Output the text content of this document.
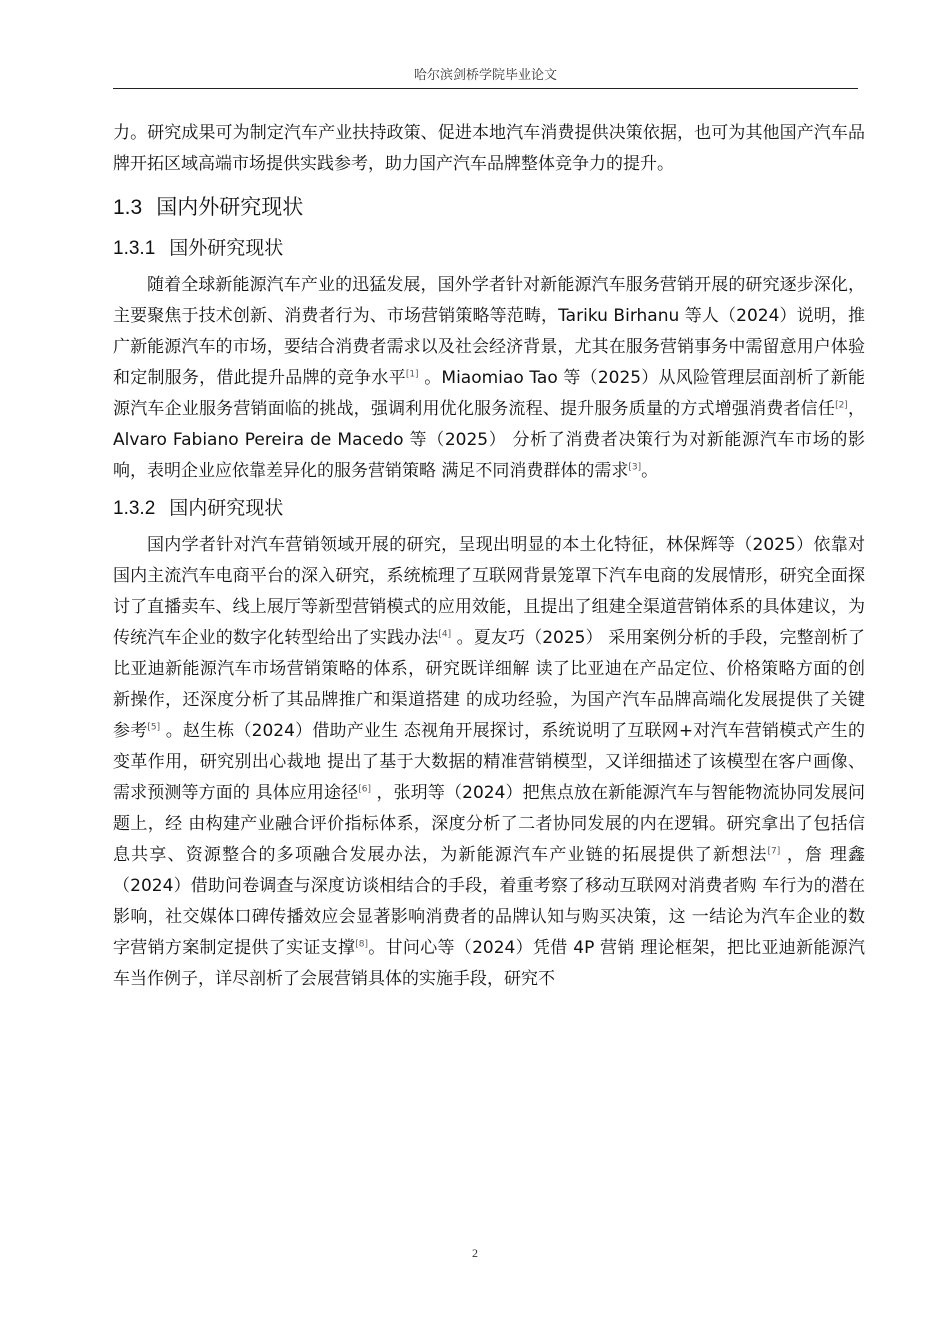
哈尔滨剑桥学院毕业论文

力。研究成果可为制定汽车产业扶持政策、促进本地汽车消费提供决策依据，也可为其他国产汽车品牌开拓区域高端市场提供实践参考，助力国产汽车品牌整体竞争力的提升。

1.3 国内外研究现状
1.3.1 国外研究现状

随着全球新能源汽车产业的迅猛发展，国外学者针对新能源汽车服务营销开展的研究逐步深化，主要聚焦于技术创新、消费者行为、市场营销策略等范畴，Tariku Birhanu 等人（2024）说明，推广新能源汽车的市场，要结合消费者需求以及社会经济背景，尤其在服务营销事务中需留意用户体验和定制服务，借此提升品牌的竞争水平[1] 。Miaomiao Tao 等（2025）从风险管理层面剖析了新能源汽车企业服务营销面临的挑战，强调利用优化服务流程、提升服务质量的方式增强消费者信任[2]，Alvaro Fabiano Pereira de Macedo 等（2025） 分析了消费者决策行为对新能源汽车市场的影响，表明企业应依靠差异化的服务营销策略 满足不同消费群体的需求[3]。

1.3.2 国内研究现状

国内学者针对汽车营销领域开展的研究，呈现出明显的本土化特征，林保辉等（2025）依靠对国内主流汽车电商平台的深入研究，系统梳理了互联网背景笼罩下汽车电商的发展情形，研究全面探讨了直播卖车、线上展厅等新型营销模式的应用效能，且提出了组建全渠道营销体系的具体建议，为传统汽车企业的数字化转型给出了实践办法[4] 。夏友巧（2025） 采用案例分析的手段，完整剖析了比亚迪新能源汽车市场营销策略的体系，研究既详细解 读了比亚迪在产品定位、价格策略方面的创新操作，还深度分析了其品牌推广和渠道搭建 的成功经验，为国产汽车品牌高端化发展提供了关键参考[5] 。赵生栋（2024）借助产业生 态视角开展探讨，系统说明了互联网+对汽车营销模式产生的变革作用，研究别出心裁地 提出了基于大数据的精准营销模型，又详细描述了该模型在客户画像、需求预测等方面的 具体应用途径[6] ，张玥等（2024）把焦点放在新能源汽车与智能物流协同发展问题上，经 由构建产业融合评价指标体系，深度分析了二者协同发展的内在逻辑。研究拿出了包括信 息共享、资源整合的多项融合发展办法，为新能源汽车产业链的拓展提供了新想法[7] ，詹 理鑫（2024）借助问卷调查与深度访谈相结合的手段，着重考察了移动互联网对消费者购 车行为的潜在影响，社交媒体口碑传播效应会显著影响消费者的品牌认知与购买决策，这 一结论为汽车企业的数字营销方案制定提供了实证支撑[8]。甘问心等（2024）凭借 4P 营销 理论框架，把比亚迪新能源汽车当作例子，详尽剖析了会展营销具体的实施手段，研究不

2
